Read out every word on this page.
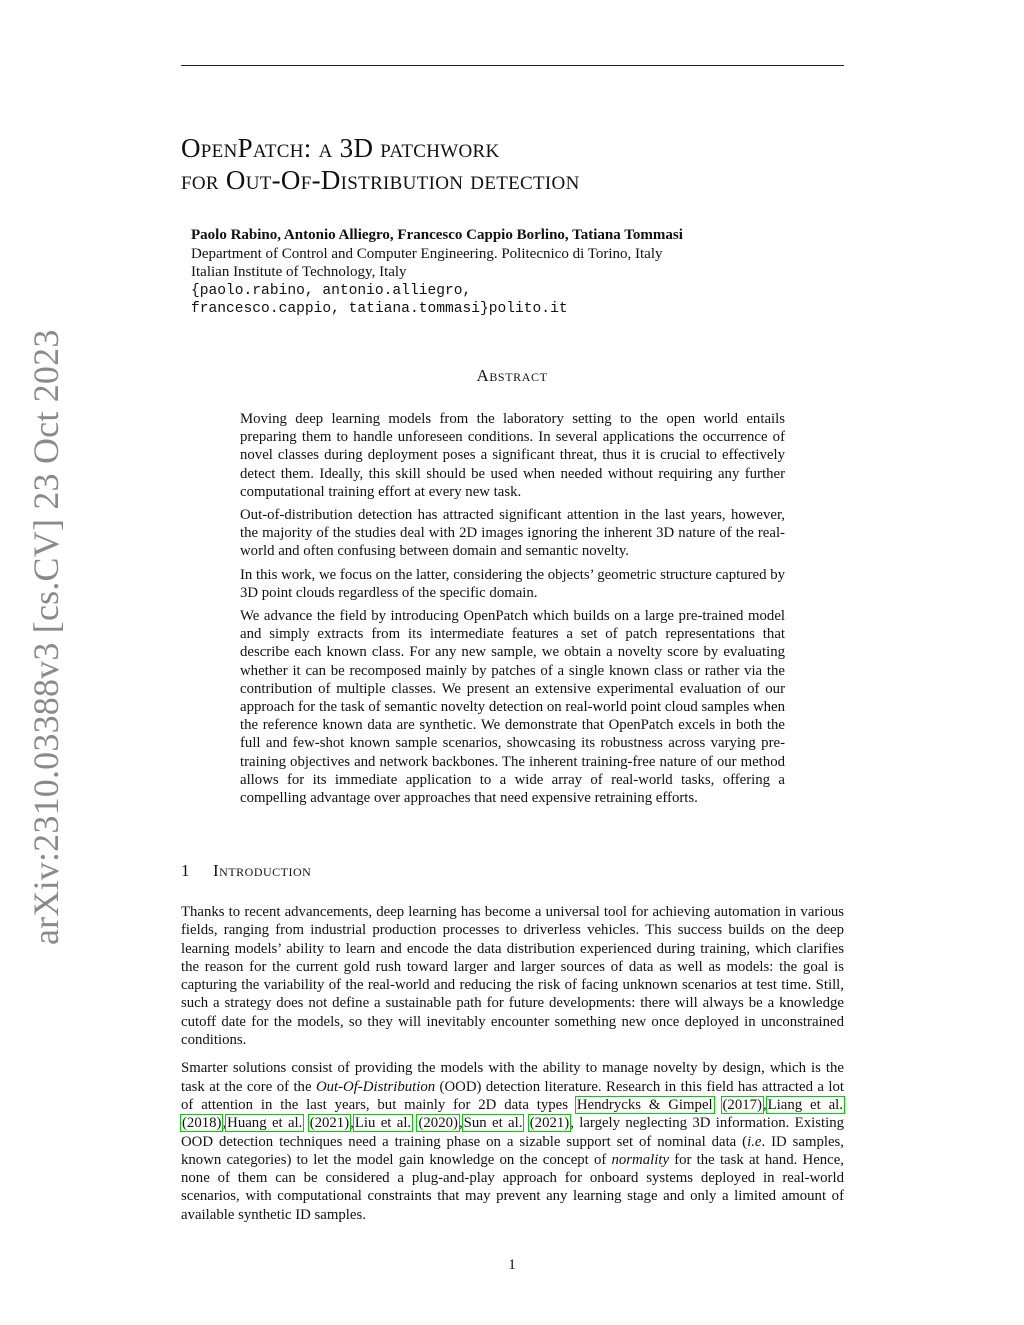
OpenPatch: a 3D patchwork
for Out-Of-Distribution detection
Paolo Rabino, Antonio Alliegro, Francesco Cappio Borlino, Tatiana Tommasi
Department of Control and Computer Engineering. Politecnico di Torino, Italy
Italian Institute of Technology, Italy
{paolo.rabino, antonio.alliegro,
francesco.cappio, tatiana.tommasi}polito.it
arXiv:2310.03388v3 [cs.CV] 23 Oct 2023	Abstract

Moving deep learning models from the laboratory setting to the open world entails preparing them to handle unforeseen conditions. In several applications the occurrence of novel classes during deployment poses a significant threat, thus it is crucial to effectively detect them. Ideally, this skill should be used when needed without requiring any further computational training effort at every new task.

Out-of-distribution detection has attracted significant attention in the last years, however, the majority of the studies deal with 2D images ignoring the inherent 3D nature of the real-world and often confusing between domain and semantic novelty.

In this work, we focus on the latter, considering the objects’ geometric structure captured by 3D point clouds regardless of the specific domain.

We advance the field by introducing OpenPatch which builds on a large pre-trained model and simply extracts from its intermediate features a set of patch representations that describe each known class. For any new sample, we obtain a novelty score by evaluating whether it can be recomposed mainly by patches of a single known class or rather via the contribution of multiple classes. We present an extensive experimental evaluation of our approach for the task of semantic novelty detection on real-world point cloud samples when the reference known data are synthetic. We demonstrate that OpenPatch excels in both the full and few-shot known sample scenarios, showcasing its robustness across varying pre-training objectives and network backbones. The inherent training-free nature of our method allows for its immediate application to a wide array of real-world tasks, offering a compelling advantage over approaches that need expensive retraining efforts.

1 Introduction

Thanks to recent advancements, deep learning has become a universal tool for achieving automation in various fields, ranging from industrial production processes to driverless vehicles. This success builds on the deep learning models’ ability to learn and encode the data distribution experienced during training, which clarifies the reason for the current gold rush toward larger and larger sources of data as well as models: the goal is capturing the variability of the real-world and reducing the risk of facing unknown scenarios at test time. Still, such a strategy does not define a sustainable path for future developments: there will always be a knowledge cutoff date for the models, so they will inevitably encounter something new once deployed in unconstrained conditions.

Smarter solutions consist of providing the models with the ability to manage novelty by design, which is the task at the core of the Out-Of-Distribution (OOD) detection literature. Research in this field has attracted a lot of attention in the last years, but mainly for 2D data types Hendrycks & Gimpel (2017),Liang et al. (2018),Huang et al. (2021),Liu et al. (2020),Sun et al. (2021), largely neglecting 3D information. Existing OOD detection techniques need a training phase on a sizable support set of nominal data (i.e. ID samples, known categories) to let the model gain knowledge on the concept of normality for the task at hand. Hence, none of them can be considered a plug-and-play approach for onboard systems deployed in real-world scenarios, with computational constraints that may prevent any learning stage and only a limited amount of available synthetic ID samples.

1
